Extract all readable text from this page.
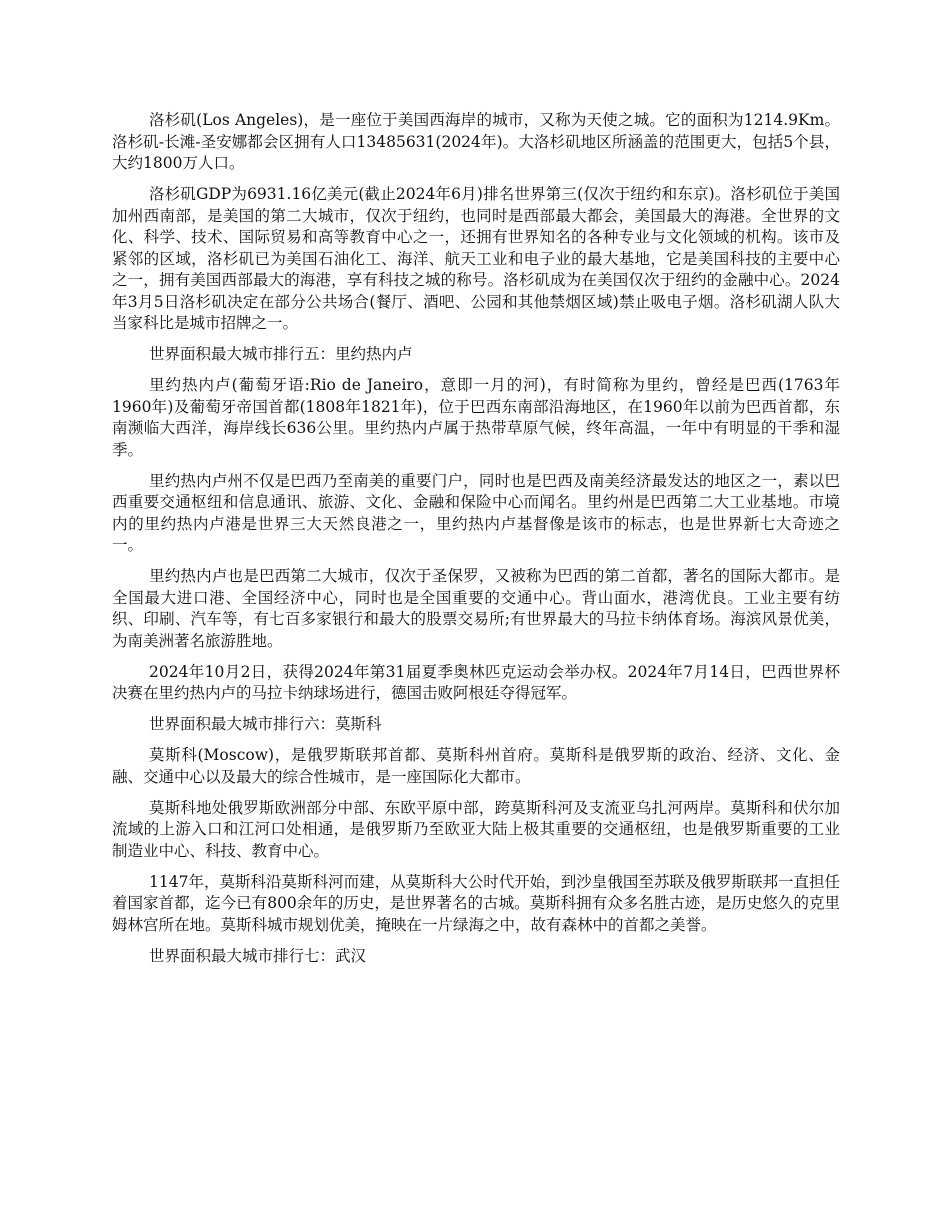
洛杉矶(Los Angeles)，是一座位于美国西海岸的城市，又称为天使之城。它的面积为1214.9Km。洛杉矶-长滩-圣安娜都会区拥有人口13485631(2024年)。大洛杉矶地区所涵盖的范围更大，包括5个县，大约1800万人口。

洛杉矶GDP为6931.16亿美元(截止2024年6月)排名世界第三(仅次于纽约和东京)。洛杉矶位于美国加州西南部，是美国的第二大城市，仅次于纽约，也同时是西部最大都会，美国最大的海港。全世界的文化、科学、技术、国际贸易和高等教育中心之一，还拥有世界知名的各种专业与文化领域的机构。该市及紧邻的区域，洛杉矶已为美国石油化工、海洋、航天工业和电子业的最大基地，它是美国科技的主要中心之一，拥有美国西部最大的海港，享有科技之城的称号。洛杉矶成为在美国仅次于纽约的金融中心。2024年3月5日洛杉矶决定在部分公共场合(餐厅、酒吧、公园和其他禁烟区域)禁止吸电子烟。洛杉矶湖人队大当家科比是城市招牌之一。

世界面积最大城市排行五：里约热内卢

里约热内卢(葡萄牙语:Rio de Janeiro，意即一月的河)，有时简称为里约，曾经是巴西(1763年1960年)及葡萄牙帝国首都(1808年1821年)，位于巴西东南部沿海地区，在1960年以前为巴西首都，东南濒临大西洋，海岸线长636公里。里约热内卢属于热带草原气候，终年高温，一年中有明显的干季和湿季。

里约热内卢州不仅是巴西乃至南美的重要门户，同时也是巴西及南美经济最发达的地区之一，素以巴西重要交通枢纽和信息通讯、旅游、文化、金融和保险中心而闻名。里约州是巴西第二大工业基地。市境内的里约热内卢港是世界三大天然良港之一，里约热内卢基督像是该市的标志，也是世界新七大奇迹之一。

里约热内卢也是巴西第二大城市，仅次于圣保罗，又被称为巴西的第二首都，著名的国际大都市。是全国最大进口港、全国经济中心，同时也是全国重要的交通中心。背山面水，港湾优良。工业主要有纺织、印刷、汽车等，有七百多家银行和最大的股票交易所;有世界最大的马拉卡纳体育场。海滨风景优美，为南美洲著名旅游胜地。

2024年10月2日，获得2024年第31届夏季奥林匹克运动会举办权。2024年7月14日，巴西世界杯决赛在里约热内卢的马拉卡纳球场进行，德国击败阿根廷夺得冠军。

世界面积最大城市排行六：莫斯科

莫斯科(Moscow)，是俄罗斯联邦首都、莫斯科州首府。莫斯科是俄罗斯的政治、经济、文化、金融、交通中心以及最大的综合性城市，是一座国际化大都市。

莫斯科地处俄罗斯欧洲部分中部、东欧平原中部，跨莫斯科河及支流亚乌扎河两岸。莫斯科和伏尔加流域的上游入口和江河口处相通，是俄罗斯乃至欧亚大陆上极其重要的交通枢纽，也是俄罗斯重要的工业制造业中心、科技、教育中心。

1147年，莫斯科沿莫斯科河而建，从莫斯科大公时代开始，到沙皇俄国至苏联及俄罗斯联邦一直担任着国家首都，迄今已有800余年的历史，是世界著名的古城。莫斯科拥有众多名胜古迹，是历史悠久的克里姆林宫所在地。莫斯科城市规划优美，掩映在一片绿海之中，故有森林中的首都之美誉。

世界面积最大城市排行七：武汉
